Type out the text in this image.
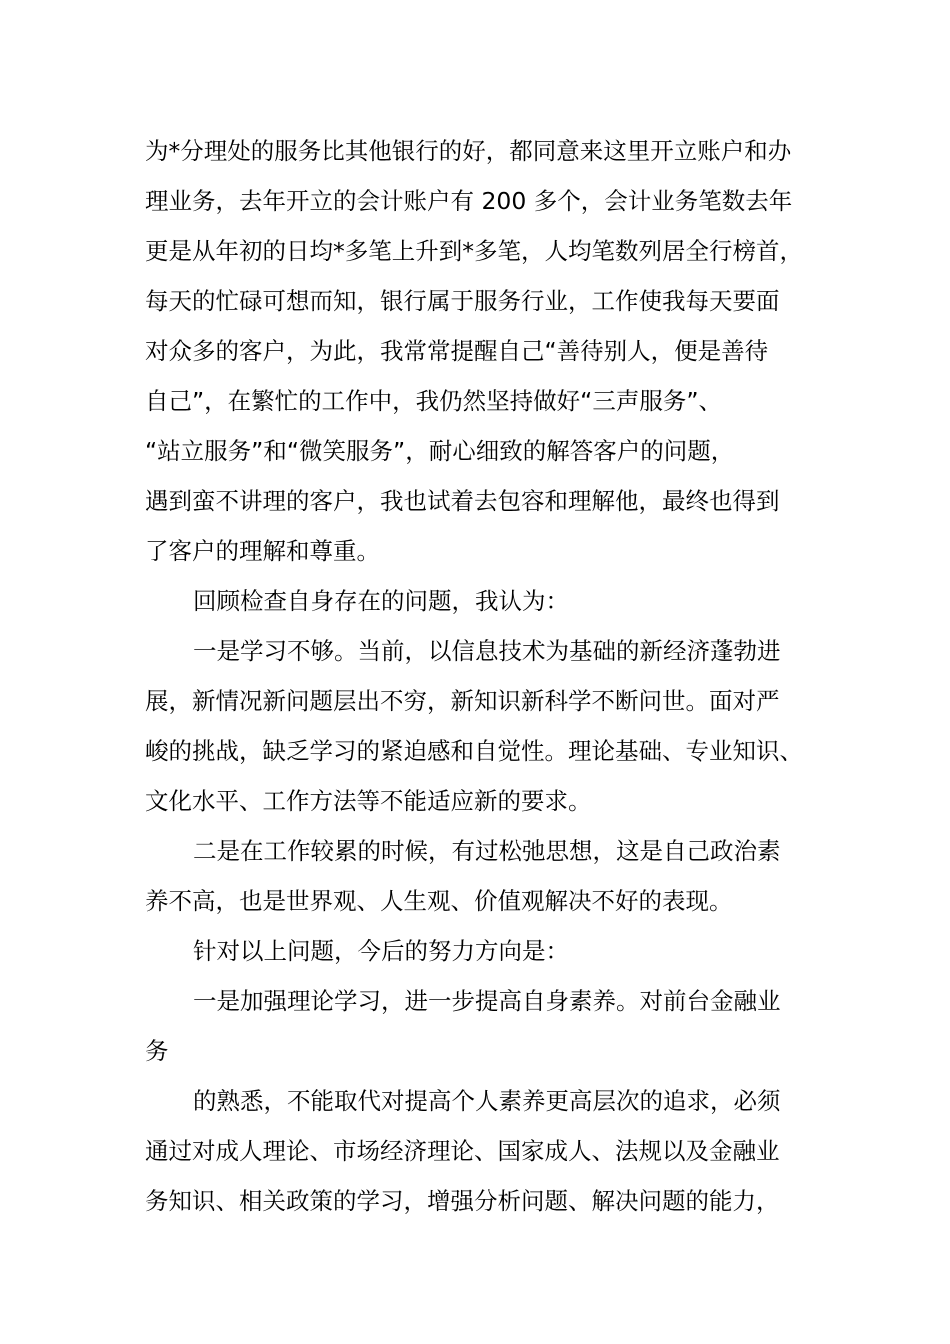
为*分理处的服务比其他银行的好，都同意来这里开立账户和办
理业务，去年开立的会计账户有 200 多个，会计业务笔数去年
更是从年初的日均*多笔上升到*多笔，人均笔数列居全行榜首，
每天的忙碌可想而知，银行属于服务行业，工作使我每天要面
对众多的客户，为此，我常常提醒自己“善待别人，便是善待
自己”，在繁忙的工作中，我仍然坚持做好“三声服务”、
“站立服务”和“微笑服务”，耐心细致的解答客户的问题，
遇到蛮不讲理的客户，我也试着去包容和理解他，最终也得到
了客户的理解和尊重。
回顾检查自身存在的问题，我认为：
一是学习不够。当前，以信息技术为基础的新经济蓬勃进
展，新情况新问题层出不穷，新知识新科学不断问世。面对严
峻的挑战，缺乏学习的紧迫感和自觉性。理论基础、专业知识、
文化水平、工作方法等不能适应新的要求。
二是在工作较累的时候，有过松弛思想，这是自己政治素
养不高，也是世界观、人生观、价值观解决不好的表现。
针对以上问题，今后的努力方向是：
一是加强理论学习，进一步提高自身素养。对前台金融业
务
的熟悉，不能取代对提高个人素养更高层次的追求，必须
通过对成人理论、市场经济理论、国家成人、法规以及金融业
务知识、相关政策的学习，增强分析问题、解决问题的能力，
